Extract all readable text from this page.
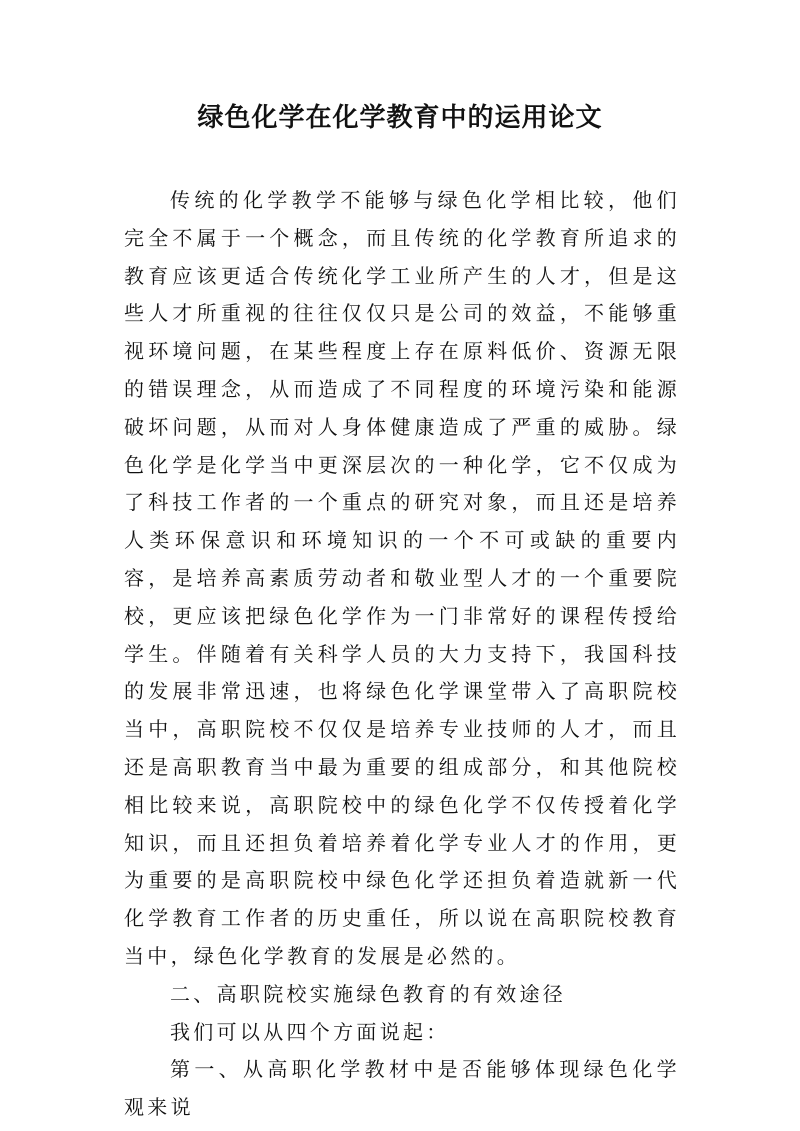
绿色化学在化学教育中的运用论文

传统的化学教学不能够与绿色化学相比较，他们完全不属于一个概念，而且传统的化学教育所追求的教育应该更适合传统化学工业所产生的人才，但是这些人才所重视的往往仅仅只是公司的效益，不能够重视环境问题，在某些程度上存在原料低价、资源无限的错误理念，从而造成了不同程度的环境污染和能源破坏问题，从而对人身体健康造成了严重的威胁。绿色化学是化学当中更深层次的一种化学，它不仅成为了科技工作者的一个重点的研究对象，而且还是培养人类环保意识和环境知识的一个不可或缺的重要内容，是培养高素质劳动者和敬业型人才的一个重要院校，更应该把绿色化学作为一门非常好的课程传授给学生。伴随着有关科学人员的大力支持下，我国科技的发展非常迅速，也将绿色化学课堂带入了高职院校当中，高职院校不仅仅是培养专业技师的人才，而且还是高职教育当中最为重要的组成部分，和其他院校相比较来说，高职院校中的绿色化学不仅传授着化学知识，而且还担负着培养着化学专业人才的作用，更为重要的是高职院校中绿色化学还担负着造就新一代化学教育工作者的历史重任，所以说在高职院校教育当中，绿色化学教育的发展是必然的。

二、高职院校实施绿色教育的有效途径

我们可以从四个方面说起：

第一、从高职化学教材中是否能够体现绿色化学观来说
